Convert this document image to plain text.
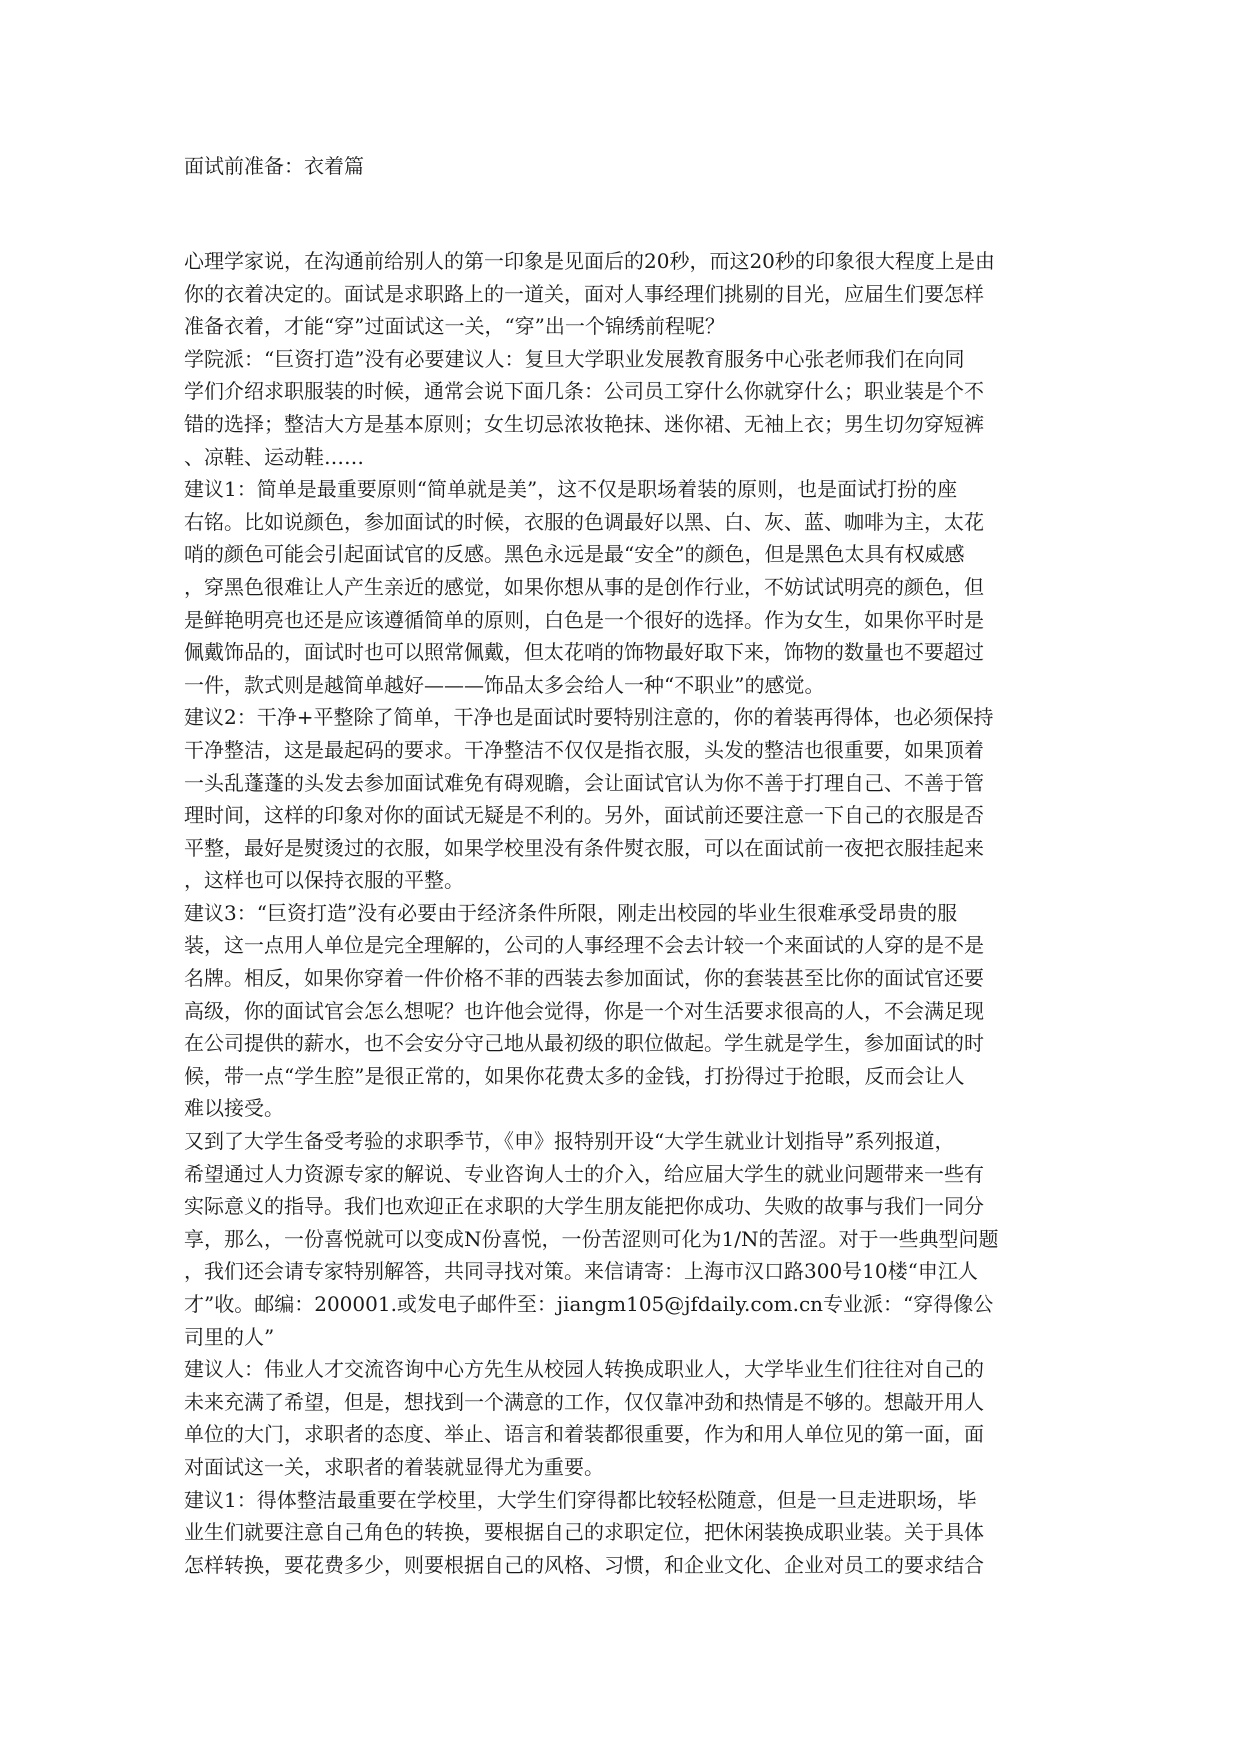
面试前准备：衣着篇
心理学家说，在沟通前给别人的第一印象是见面后的20秒，而这20秒的印象很大程度上是由
你的衣着决定的。面试是求职路上的一道关，面对人事经理们挑剔的目光，应届生们要怎样
准备衣着，才能“穿”过面试这一关，“穿”出一个锦绣前程呢？
学院派：“巨资打造”没有必要建议人：复旦大学职业发展教育服务中心张老师我们在向同
学们介绍求职服装的时候，通常会说下面几条：公司员工穿什么你就穿什么；职业装是个不
错的选择；整洁大方是基本原则；女生切忌浓妆艳抹、迷你裙、无袖上衣；男生切勿穿短裤
、凉鞋、运动鞋……
建议1：简单是最重要原则“简单就是美”，这不仅是职场着装的原则，也是面试打扮的座
右铭。比如说颜色，参加面试的时候，衣服的色调最好以黑、白、灰、蓝、咖啡为主，太花
哨的颜色可能会引起面试官的反感。黑色永远是最“安全”的颜色，但是黑色太具有权威感
，穿黑色很难让人产生亲近的感觉，如果你想从事的是创作行业，不妨试试明亮的颜色，但
是鲜艳明亮也还是应该遵循简单的原则，白色是一个很好的选择。作为女生，如果你平时是
佩戴饰品的，面试时也可以照常佩戴，但太花哨的饰物最好取下来，饰物的数量也不要超过
一件，款式则是越简单越好———饰品太多会给人一种“不职业”的感觉。
建议2：干净+平整除了简单，干净也是面试时要特别注意的，你的着装再得体，也必须保持
干净整洁，这是最起码的要求。干净整洁不仅仅是指衣服，头发的整洁也很重要，如果顶着
一头乱蓬蓬的头发去参加面试难免有碍观瞻，会让面试官认为你不善于打理自己、不善于管
理时间，这样的印象对你的面试无疑是不利的。另外，面试前还要注意一下自己的衣服是否
平整，最好是熨烫过的衣服，如果学校里没有条件熨衣服，可以在面试前一夜把衣服挂起来
，这样也可以保持衣服的平整。
建议3：“巨资打造”没有必要由于经济条件所限，刚走出校园的毕业生很难承受昂贵的服
装，这一点用人单位是完全理解的，公司的人事经理不会去计较一个来面试的人穿的是不是
名牌。相反，如果你穿着一件价格不菲的西装去参加面试，你的套装甚至比你的面试官还要
高级，你的面试官会怎么想呢？也许他会觉得，你是一个对生活要求很高的人，不会满足现
在公司提供的薪水，也不会安分守己地从最初级的职位做起。学生就是学生，参加面试的时
候，带一点“学生腔”是很正常的，如果你花费太多的金钱，打扮得过于抢眼，反而会让人
难以接受。
又到了大学生备受考验的求职季节，《申》报特别开设“大学生就业计划指导”系列报道，
希望通过人力资源专家的解说、专业咨询人士的介入，给应届大学生的就业问题带来一些有
实际意义的指导。我们也欢迎正在求职的大学生朋友能把你成功、失败的故事与我们一同分
享，那么，一份喜悦就可以变成N份喜悦，一份苦涩则可化为1/N的苦涩。对于一些典型问题
，我们还会请专家特别解答，共同寻找对策。来信请寄：上海市汉口路300号10楼“申江人
才”收。邮编：200001.或发电子邮件至：jiangm105@jfdaily.com.cn专业派：“穿得像公
司里的人”
建议人：伟业人才交流咨询中心方先生从校园人转换成职业人，大学毕业生们往往对自己的
未来充满了希望，但是，想找到一个满意的工作，仅仅靠冲劲和热情是不够的。想敲开用人
单位的大门，求职者的态度、举止、语言和着装都很重要，作为和用人单位见的第一面，面
对面试这一关，求职者的着装就显得尤为重要。
建议1：得体整洁最重要在学校里，大学生们穿得都比较轻松随意，但是一旦走进职场，毕
业生们就要注意自己角色的转换，要根据自己的求职定位，把休闲装换成职业装。关于具体
怎样转换，要花费多少，则要根据自己的风格、习惯，和企业文化、企业对员工的要求结合
